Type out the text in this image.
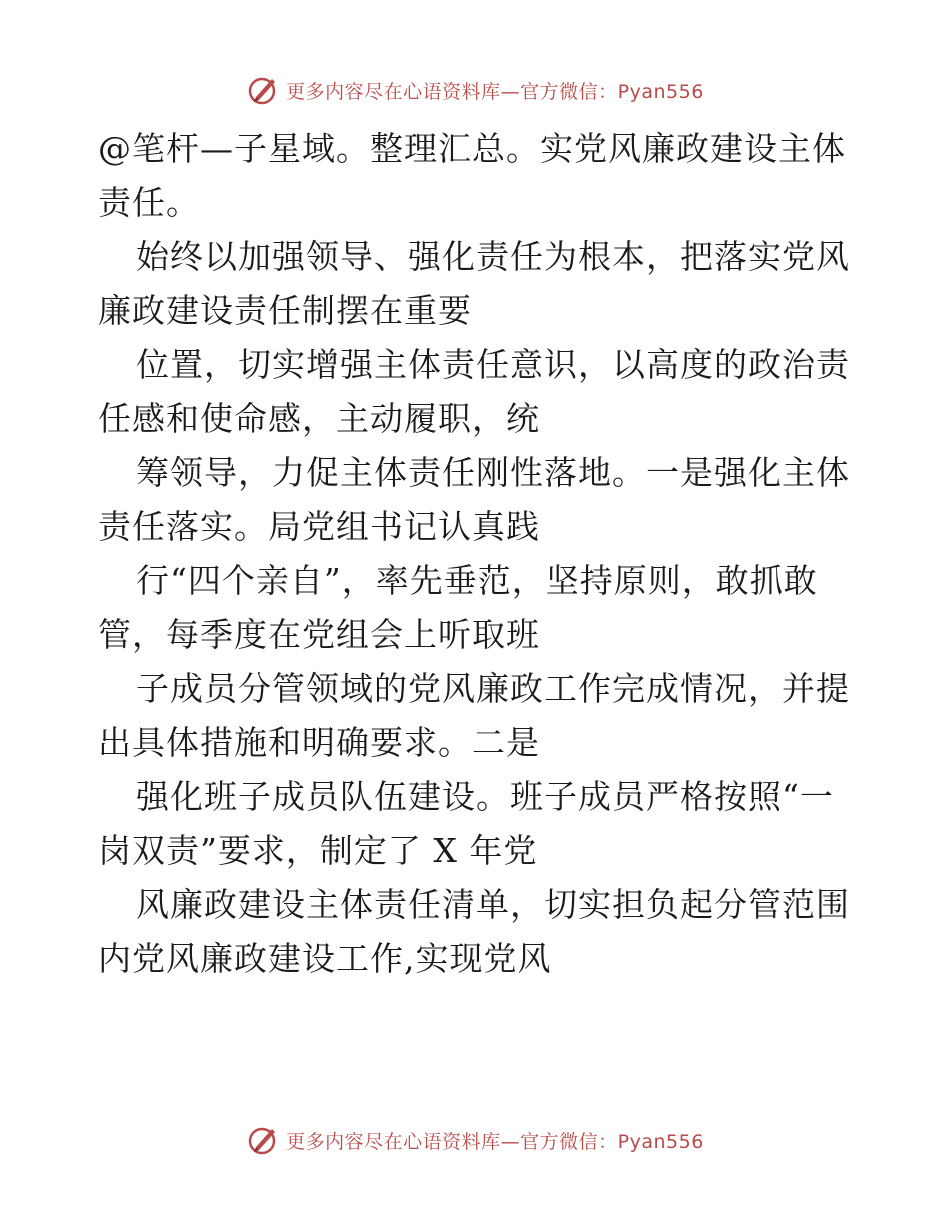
更多内容尽在心语资料库—官方微信：Pyan556
@笔杆—子星域。整理汇总。实党风廉政建设主体
责任。
始终以加强领导、强化责任为根本，把落实党风
廉政建设责任制摆在重要
位置，切实增强主体责任意识，以高度的政治责
任感和使命感，主动履职，统
筹领导，力促主体责任刚性落地。一是强化主体
责任落实。局党组书记认真践
行“四个亲自”，率先垂范，坚持原则，敢抓敢
管，每季度在党组会上听取班
子成员分管领域的党风廉政工作完成情况，并提
出具体措施和明确要求。二是
强化班子成员队伍建设。班子成员严格按照“一
岗双责”要求，制定了 X 年党
风廉政建设主体责任清单，切实担负起分管范围
内党风廉政建设工作,实现党风
更多内容尽在心语资料库—官方微信：Pyan556
